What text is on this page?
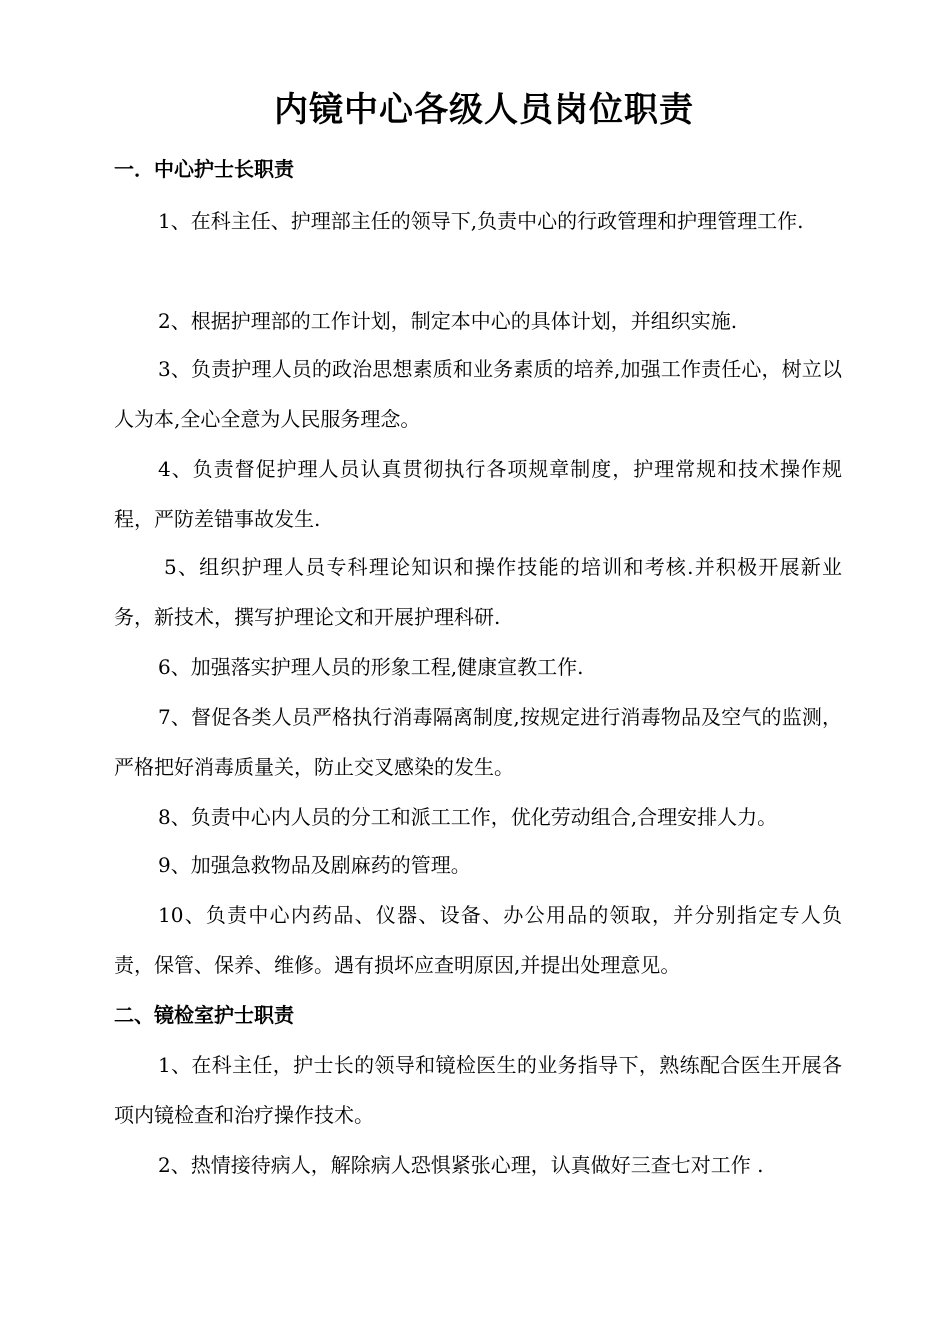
内镜中心各级人员岗位职责
一．中心护士长职责
1、在科主任、护理部主任的领导下,负责中心的行政管理和护理管理工作.
2、根据护理部的工作计划，制定本中心的具体计划，并组织实施.
3、负责护理人员的政治思想素质和业务素质的培养,加强工作责任心，树立以人为本,全心全意为人民服务理念。
4、负责督促护理人员认真贯彻执行各项规章制度，护理常规和技术操作规程，严防差错事故发生.
5、组织护理人员专科理论知识和操作技能的培训和考核.并积极开展新业务，新技术，撰写护理论文和开展护理科研.
6、加强落实护理人员的形象工程,健康宣教工作.
7、督促各类人员严格执行消毒隔离制度,按规定进行消毒物品及空气的监测，严格把好消毒质量关，防止交叉感染的发生。
8、负责中心内人员的分工和派工工作，优化劳动组合,合理安排人力。
9、加强急救物品及剧麻药的管理。
10、负责中心内药品、仪器、设备、办公用品的领取，并分别指定专人负责，保管、保养、维修。遇有损坏应查明原因,并提出处理意见。
二、镜检室护士职责
1、在科主任，护士长的领导和镜检医生的业务指导下，熟练配合医生开展各项内镜检查和治疗操作技术。
2、热情接待病人，解除病人恐惧紧张心理，认真做好三查七对工作 .
